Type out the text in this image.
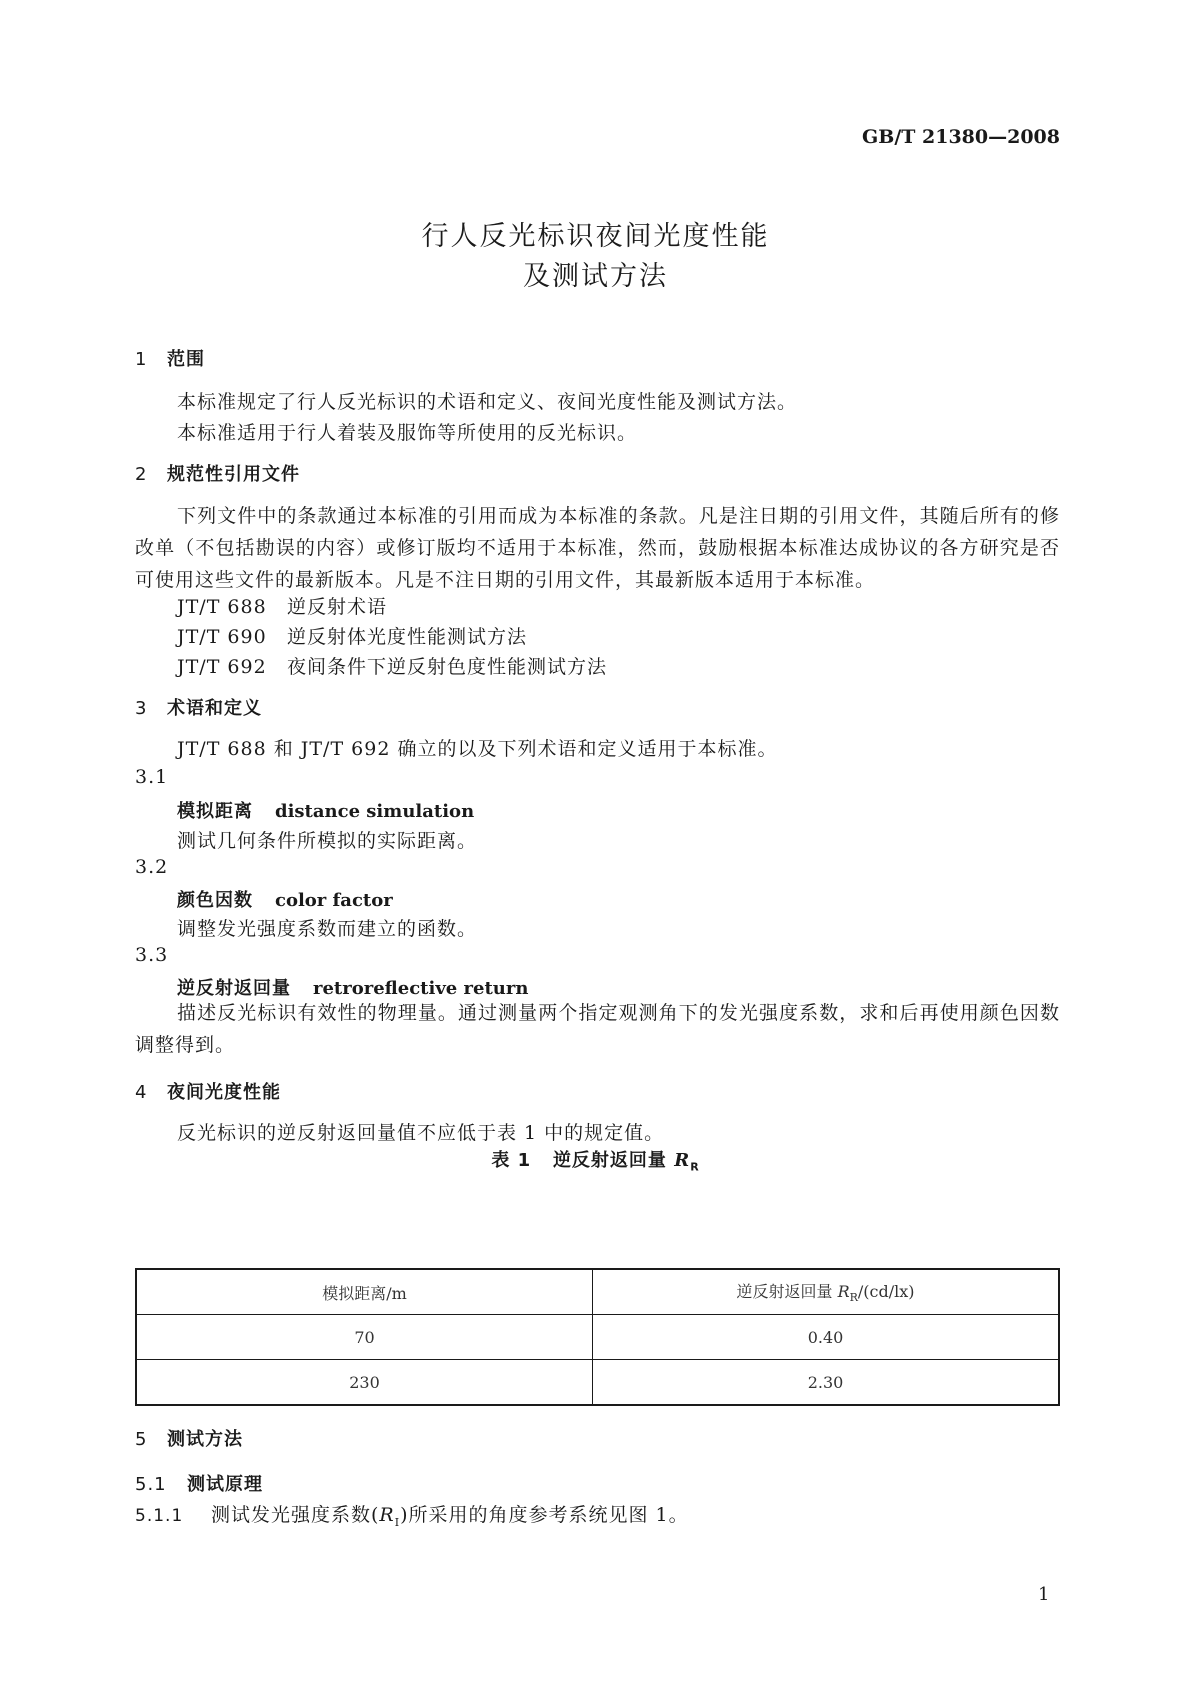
GB/T 21380—2008
行人反光标识夜间光度性能
及测试方法
1 范围
本标准规定了行人反光标识的术语和定义、夜间光度性能及测试方法。
本标准适用于行人着装及服饰等所使用的反光标识。
2 规范性引用文件
下列文件中的条款通过本标准的引用而成为本标准的条款。凡是注日期的引用文件，其随后所有的修改单（不包括勘误的内容）或修订版均不适用于本标准，然而，鼓励根据本标准达成协议的各方研究是否可使用这些文件的最新版本。凡是不注日期的引用文件，其最新版本适用于本标准。
JT/T 688 逆反射术语
JT/T 690 逆反射体光度性能测试方法
JT/T 692 夜间条件下逆反射色度性能测试方法
3 术语和定义
JT/T 688 和 JT/T 692 确立的以及下列术语和定义适用于本标准。
3.1
模拟距离 distance simulation
测试几何条件所模拟的实际距离。
3.2
颜色因数 color factor
调整发光强度系数而建立的函数。
3.3
逆反射返回量 retroreflective return
描述反光标识有效性的物理量。通过测量两个指定观测角下的发光强度系数，求和后再使用颜色因数调整得到。
4 夜间光度性能
反光标识的逆反射返回量值不应低于表 1 中的规定值。
表 1 逆反射返回量 $R_R$
模拟距离/m	逆反射返回量 $R_R/(cd/lx)$
70	0.40
230	2.30
5 测试方法
5.1 测试原理
5.1.1 测试发光强度系数$(R_I)$所采用的角度参考系统见图 1。
1
